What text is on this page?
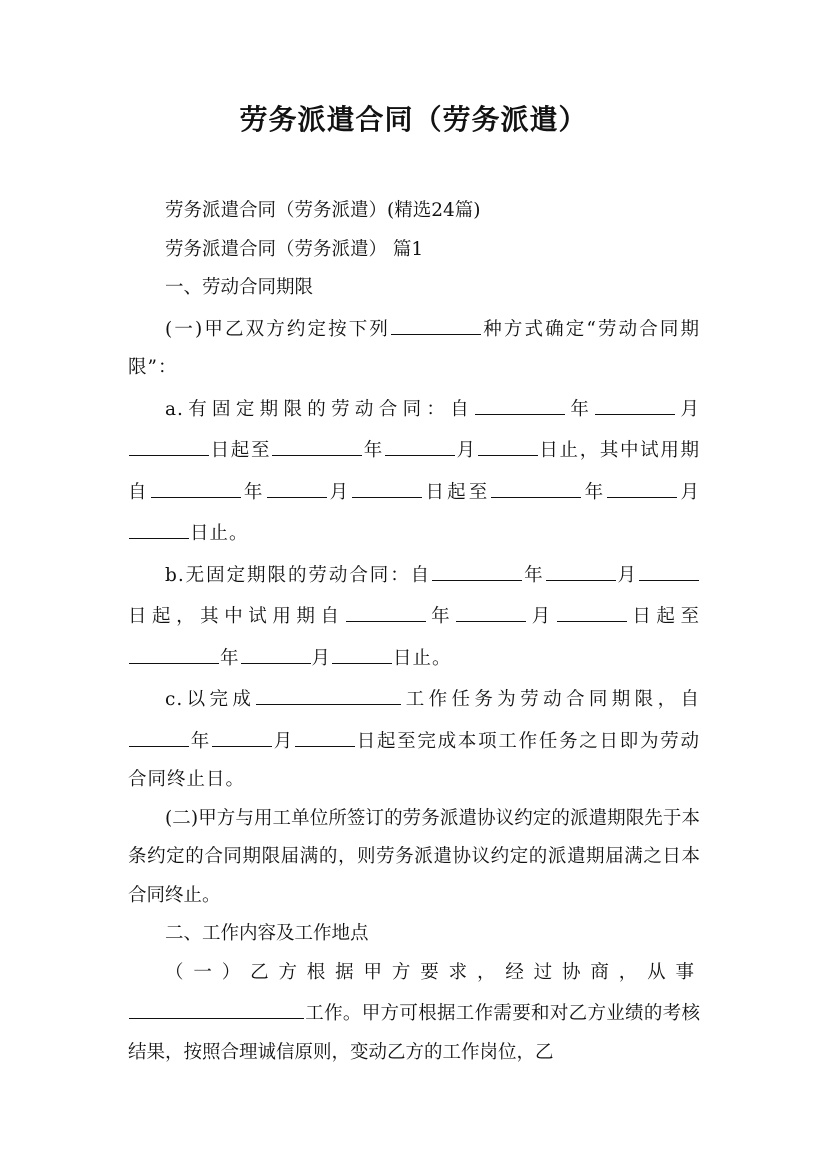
劳务派遣合同（劳务派遣）

劳务派遣合同（劳务派遣）(精选24篇)

劳务派遣合同（劳务派遣） 篇1

一、劳动合同期限

(一)甲乙双方约定按下列	种方式确定“劳动合同期限”：

a.有固定期限的劳动合同：自	年	月日起至	年	月	日止，其中试用期自	年	月	日起至	年	月日止。

b.无固定期限的劳动合同：自	年	月日起，其中试用期自	年	月	日起至年	月	日止。

c.以完成	工作任务为劳动合同期限，自年	月	日起至完成本项工作任务之日即为劳动合同终止日。

(二)甲方与用工单位所签订的劳务派遣协议约定的派遣期限先于本条约定的合同期限届满的，则劳务派遣协议约定的派遣期届满之日本合同终止。

二、工作内容及工作地点

（一）乙方根据甲方要求，经过协商，从事工作。甲方可根据工作需要和对乙方业绩的考核结果，按照合理诚信原则，变动乙方的工作岗位，乙
